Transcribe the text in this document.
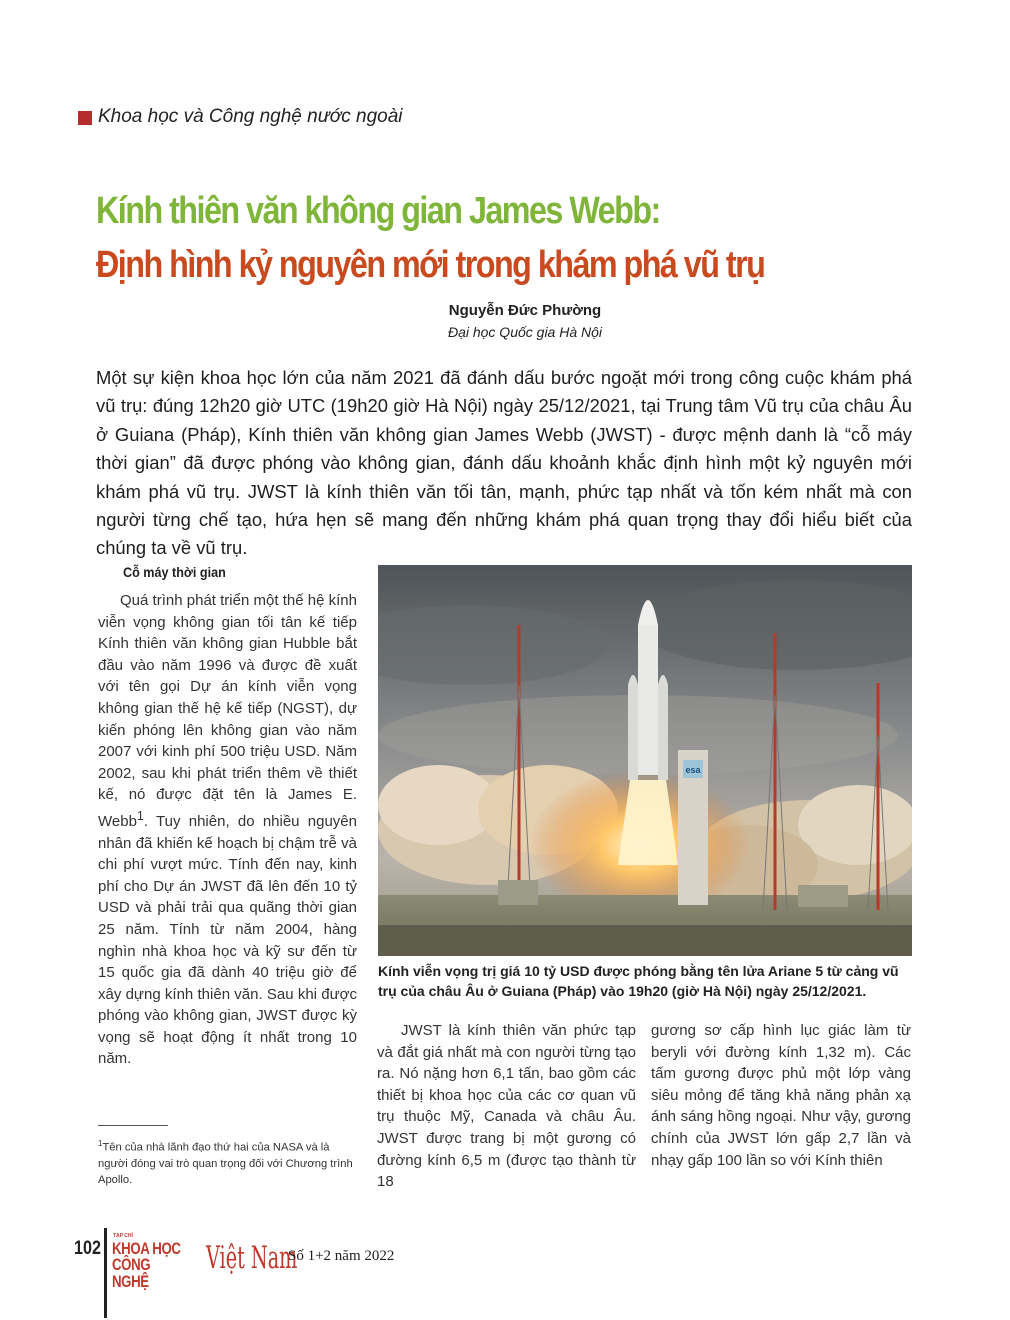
Khoa học và Công nghệ nước ngoài
Kính thiên văn không gian James Webb:
Định hình kỷ nguyên mới trong khám phá vũ trụ
Nguyễn Đức Phường
Đại học Quốc gia Hà Nội
Một sự kiện khoa học lớn của năm 2021 đã đánh dấu bước ngoặt mới trong công cuộc khám phá vũ trụ: đúng 12h20 giờ UTC (19h20 giờ Hà Nội) ngày 25/12/2021, tại Trung tâm Vũ trụ của châu Âu ở Guiana (Pháp), Kính thiên văn không gian James Webb (JWST) - được mệnh danh là “cỗ máy thời gian” đã được phóng vào không gian, đánh dấu khoảnh khắc định hình một kỷ nguyên mới khám phá vũ trụ. JWST là kính thiên văn tối tân, mạnh, phức tạp nhất và tốn kém nhất mà con người từng chế tạo, hứa hẹn sẽ mang đến những khám phá quan trọng thay đổi hiểu biết của chúng ta về vũ trụ.
Cỗ máy thời gian

Quá trình phát triển một thế hệ kính viễn vọng không gian tối tân kế tiếp Kính thiên văn không gian Hubble bắt đầu vào năm 1996 và được đề xuất với tên gọi Dự án kính viễn vọng không gian thế hệ kế tiếp (NGST), dự kiến phóng lên không gian vào năm 2007 với kinh phí 500 triệu USD. Năm 2002, sau khi phát triển thêm về thiết kế, nó được đặt tên là James E. Webb$^1$. Tuy nhiên, do nhiều nguyên nhân đã khiến kế hoạch bị chậm trễ và chi phí vượt mức. Tính đến nay, kinh phí cho Dự án JWST đã lên đến 10 tỷ USD và phải trải qua quãng thời gian 25 năm. Tính từ năm 2004, hàng nghìn nhà khoa học và kỹ sư đến từ 15 quốc gia đã dành 40 triệu giờ để xây dựng kính thiên văn. Sau khi được phóng vào không gian, JWST được kỳ vọng sẽ hoạt động ít nhất trong 10 năm.

$^1$Tên của nhà lãnh đạo thứ hai của NASA và là người đóng vai trò quan trọng đối với Chương trình Apollo.
esa
Kính viễn vọng trị giá 10 tỷ USD được phóng bằng tên lửa Ariane 5 từ cảng vũ trụ của châu Âu ở Guiana (Pháp) vào 19h20 (giờ Hà Nội) ngày 25/12/2021.

JWST là kính thiên văn phức tạp và đắt giá nhất mà con người từng tạo ra. Nó nặng hơn 6,1 tấn, bao gồm các thiết bị khoa học của các cơ quan vũ trụ thuộc Mỹ, Canada và châu Âu. JWST được trang bị một gương có đường kính 6,5 m (được tạo thành từ 18

gương sơ cấp hình lục giác làm từ beryli với đường kính 1,32 m). Các tấm gương được phủ một lớp vàng siêu mỏng để tăng khả năng phản xạ ánh sáng hồng ngoại. Như vậy, gương chính của JWST lớn gấp 2,7 lần và nhạy gấp 100 lần so với Kính thiên

102
TẠP CHÍ
KHOA HỌC
CÔNG NGHỆ
Việt Nam
Số 1+2 năm 2022
